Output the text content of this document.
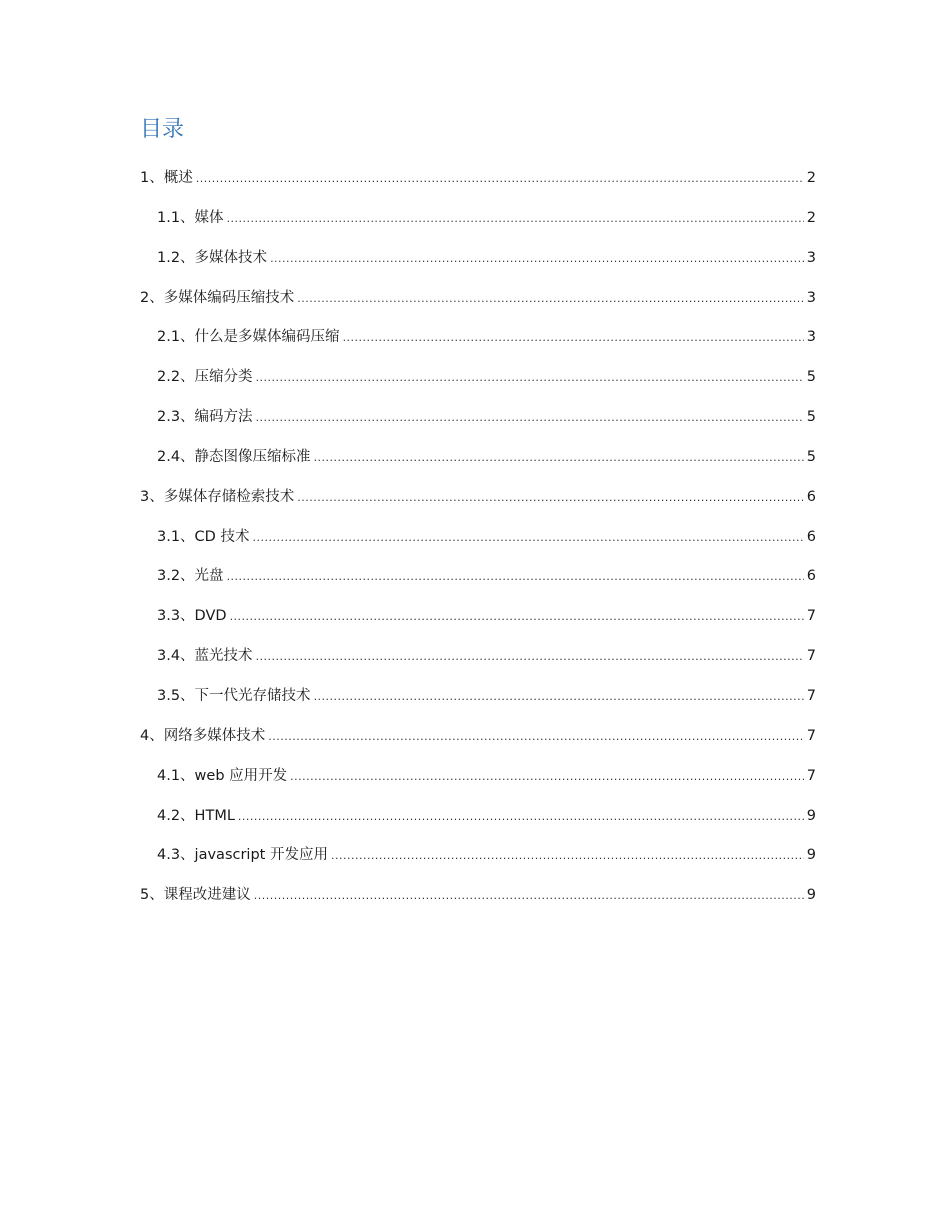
目录
1、概述 .....	2
1.1、媒体 .....	2
1.2、多媒体技术 .....	3
2、多媒体编码压缩技术 .....	3
2.1、什么是多媒体编码压缩 .....	3
2.2、压缩分类 .....	5
2.3、编码方法 .....	5
2.4、静态图像压缩标准 .....	5
3、多媒体存储检索技术 .....	6
3.1、CD 技术 .....	6
3.2、光盘 .....	6
3.3、DVD .....	7
3.4、蓝光技术 .....	7
3.5、下一代光存储技术 .....	7
4、网络多媒体技术 .....	7
4.1、web 应用开发 .....	7
4.2、HTML .....	9
4.3、javascript 开发应用 .....	9
5、课程改进建议 .....	9
